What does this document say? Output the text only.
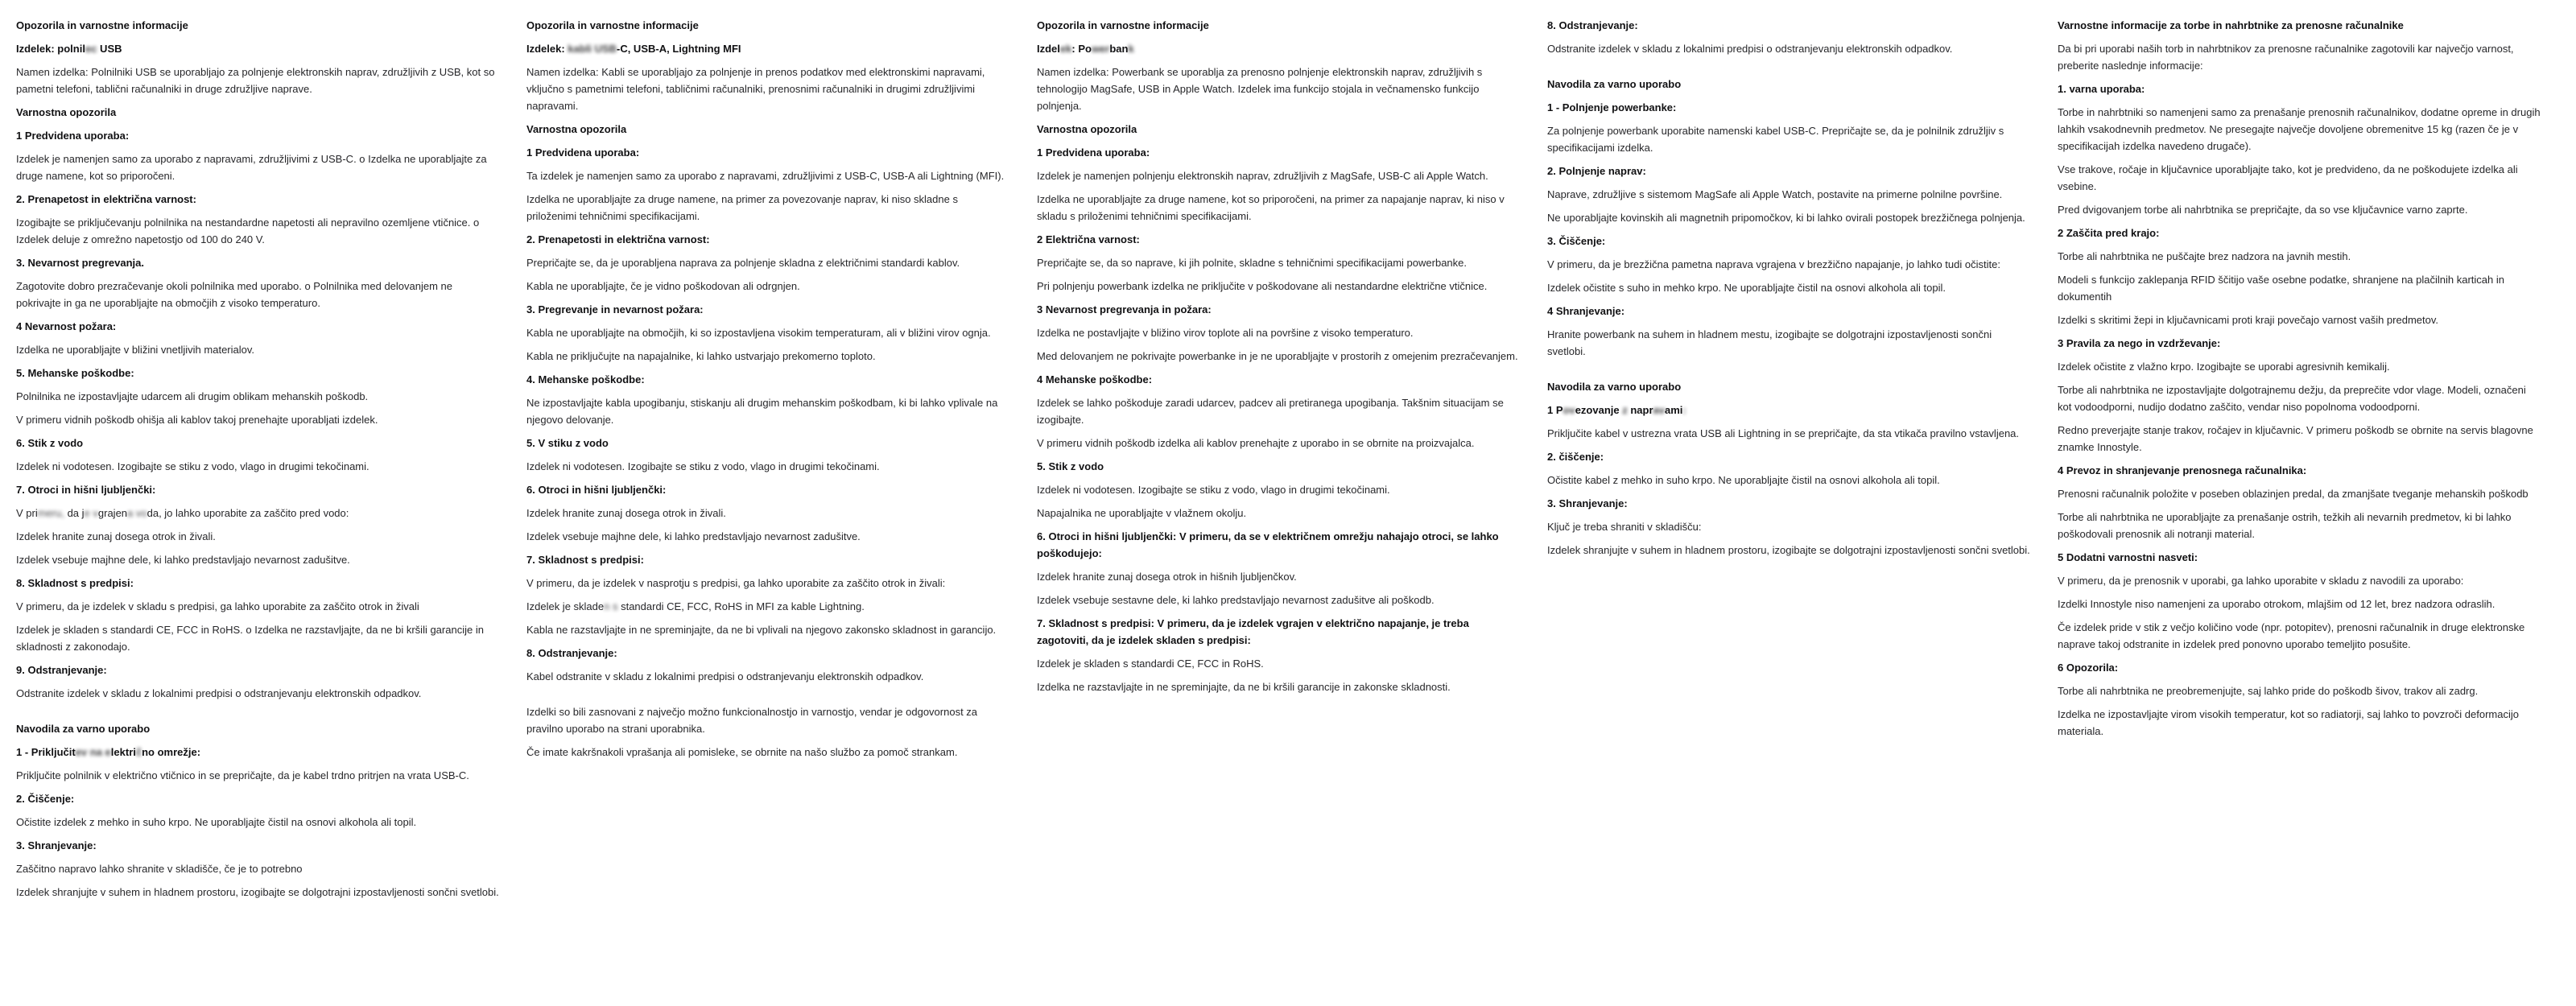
Opozorila in varnostne informacije
Izdelek: polnilec USB
Namen izdelka: Polnilniki USB se uporabljajo za polnjenje elektronskih naprav, združljivih z USB, kot so pametni telefoni, tablični računalniki in druge združljive naprave.
Varnostna opozorila
1 Predvidena uporaba:
Izdelek je namenjen samo za uporabo z napravami, združljivimi z USB-C. o Izdelka ne uporabljajte za druge namene, kot so priporočeni.
2. Prenapetost in električna varnost:
Izogibajte se priključevanju polnilnika na nestandardne napetosti ali nepravilno ozemljene vtičnice. o Izdelek deluje z omrežno napetostjo od 100 do 240 V.
3. Nevarnost pregrevanja.
Zagotovite dobro prezračevanje okoli polnilnika med uporabo. o Polnilnika med delovanjem ne pokrivajte in ga ne uporabljajte na območjih z visoko temperaturo.
4 Nevarnost požara:
Izdelka ne uporabljajte v bližini vnetljivih materialov.
5. Mehanske poškodbe:
Polnilnika ne izpostavljajte udarcem ali drugim oblikam mehanskih poškodb.
V primeru vidnih poškodb ohišja ali kablov takoj prenehajte uporabljati izdelek.
6. Stik z vodo
Izdelek ni vodotesen. Izogibajte se stiku z vodo, vlago in drugimi tekočinami.
7. Otroci in hišni ljubljenčki:
V primeru, da je vgrajena voda, jo lahko uporabite za zaščito pred vodo:
Izdelek hranite zunaj dosega otrok in živali.
Izdelek vsebuje majhne dele, ki lahko predstavljajo nevarnost zadušitve.
8. Skladnost s predpisi:
V primeru, da je izdelek v skladu s predpisi, ga lahko uporabite za zaščito otrok in živali
Izdelek je skladen s standardi CE, FCC in RoHS. o Izdelka ne razstavljajte, da ne bi kršili garancije in skladnosti z zakonodajo.
9. Odstranjevanje:
Odstranite izdelek v skladu z lokalnimi predpisi o odstranjevanju elektronskih odpadkov.
Navodila za varno uporabo
1 - Priključitev na električno omrežje:
Priključite polnilnik v električno vtičnico in se prepričajte, da je kabel trdno pritrjen na vrata USB-C.
2. Čiščenje:
Očistite izdelek z mehko in suho krpo. Ne uporabljajte čistil na osnovi alkohola ali topil.
3. Shranjevanje:
Zaščitno napravo lahko shranite v skladišče, če je to potrebno
Izdelek shranjujte v suhem in hladnem prostoru, izogibajte se dolgotrajni izpostavljenosti sončni svetlobi.
Opozorila in varnostne informacije
Izdelek: kabli USB-C, USB-A, Lightning MFI
Namen izdelka: Kabli se uporabljajo za polnjenje in prenos podatkov med elektronskimi napravami, vključno s pametnimi telefoni, tabličnimi računalniki, prenosnimi računalniki in drugimi združljivimi napravami.
Varnostna opozorila
1 Predvidena uporaba:
Ta izdelek je namenjen samo za uporabo z napravami, združljivimi z USB-C, USB-A ali Lightning (MFI).
Izdelka ne uporabljajte za druge namene, na primer za povezovanje naprav, ki niso skladne s priloženimi tehničnimi specifikacijami.
2. Prenapetosti in električna varnost:
Prepričajte se, da je uporabljena naprava za polnjenje skladna z električnimi standardi kablov.
Kabla ne uporabljajte, če je vidno poškodovan ali odrgnjen.
3. Pregrevanje in nevarnost požara:
Kabla ne uporabljajte na območjih, ki so izpostavljena visokim temperaturam, ali v bližini virov ognja.
Kabla ne priključujte na napajalnike, ki lahko ustvarjajo prekomerno toploto.
4. Mehanske poškodbe:
Ne izpostavljajte kabla upogibanju, stiskanju ali drugim mehanskim poškodbam, ki bi lahko vplivale na njegovo delovanje.
5. V stiku z vodo
Izdelek ni vodotesen. Izogibajte se stiku z vodo, vlago in drugimi tekočinami.
6. Otroci in hišni ljubljenčki:
Izdelek hranite zunaj dosega otrok in živali.
Izdelek vsebuje majhne dele, ki lahko predstavljajo nevarnost zadušitve.
7. Skladnost s predpisi:
V primeru, da je izdelek v nasprotju s predpisi, ga lahko uporabite za zaščito otrok in živali:
Izdelek je skladen s standardi CE, FCC, RoHS in MFI za kable Lightning.
Kabla ne razstavljajte in ne spreminjajte, da ne bi vplivali na njegovo zakonsko skladnost in garancijo.
8. Odstranjevanje:
Kabel odstranite v skladu z lokalnimi predpisi o odstranjevanju elektronskih odpadkov.
Izdelki so bili zasnovani z največjo možno funkcionalnostjo in varnostjo, vendar je odgovornost za pravilno uporabo na strani uporabnika.
Če imate kakršnakoli vprašanja ali pomisleke, se obrnite na našo službo za pomoč strankam.
Opozorila in varnostne informacije
Izdelek: Powerbank
Namen izdelka: Powerbank se uporablja za prenosno polnjenje elektronskih naprav, združljivih s tehnologijo MagSafe, USB in Apple Watch. Izdelek ima funkcijo stojala in večnamensko funkcijo polnjenja.
Varnostna opozorila
1 Predvidena uporaba:
Izdelek je namenjen polnjenju elektronskih naprav, združljivih z MagSafe, USB-C ali Apple Watch.
Izdelka ne uporabljajte za druge namene, kot so priporočeni, na primer za napajanje naprav, ki niso v skladu s priloženimi tehničnimi specifikacijami.
2 Električna varnost:
Prepričajte se, da so naprave, ki jih polnite, skladne s tehničnimi specifikacijami powerbanke.
Pri polnjenju powerbank izdelka ne priključite v poškodovane ali nestandardne električne vtičnice.
3 Nevarnost pregrevanja in požara:
Izdelka ne postavljajte v bližino virov toplote ali na površine z visoko temperaturo.
Med delovanjem ne pokrivajte powerbanke in je ne uporabljajte v prostorih z omejenim prezračevanjem.
4 Mehanske poškodbe:
Izdelek se lahko poškoduje zaradi udarcev, padcev ali pretiranega upogibanja. Takšnim situacijam se izogibajte.
V primeru vidnih poškodb izdelka ali kablov prenehajte z uporabo in se obrnite na proizvajalca.
5. Stik z vodo
Izdelek ni vodotesen. Izogibajte se stiku z vodo, vlago in drugimi tekočinami.
Napajalnika ne uporabljajte v vlažnem okolju.
6. Otroci in hišni ljubljenčki: V primeru, da se v električnem omrežju nahajajo otroci, se lahko poškodujejo:
Izdelek hranite zunaj dosega otrok in hišnih ljubljenčkov.
Izdelek vsebuje sestavne dele, ki lahko predstavljajo nevarnost zadušitve ali poškodb.
7. Skladnost s predpisi: V primeru, da je izdelek vgrajen v električno napajanje, je treba zagotoviti, da je izdelek skladen s predpisi:
Izdelek je skladen s standardi CE, FCC in RoHS.
Izdelka ne razstavljajte in ne spreminjajte, da ne bi kršili garancije in zakonske skladnosti.
8. Odstranjevanje:
Odstranite izdelek v skladu z lokalnimi predpisi o odstranjevanju elektronskih odpadkov.
Navodila za varno uporabo
1 - Polnjenje powerbanke:
Za polnjenje powerbank uporabite namenski kabel USB-C. Prepričajte se, da je polnilnik združljiv s specifikacijami izdelka.
2. Polnjenje naprav:
Naprave, združljive s sistemom MagSafe ali Apple Watch, postavite na primerne polnilne površine.
Ne uporabljajte kovinskih ali magnetnih pripomočkov, ki bi lahko ovirali postopek brezžičnega polnjenja.
3. Čiščenje:
V primeru, da je brezžična pametna naprava vgrajena v brezžično napajanje, jo lahko tudi očistite:
Izdelek očistite s suho in mehko krpo. Ne uporabljajte čistil na osnovi alkohola ali topil.
4 Shranjevanje:
Hranite powerbank na suhem in hladnem mestu, izogibajte se dolgotrajni izpostavljenosti sončni svetlobi.
Navodila za varno uporabo
1 Povezovanje z napravami:
Priključite kabel v ustrezna vrata USB ali Lightning in se prepričajte, da sta vtikača pravilno vstavljena.
2. čiščenje:
Očistite kabel z mehko in suho krpo. Ne uporabljajte čistil na osnovi alkohola ali topil.
3. Shranjevanje:
Ključ je treba shraniti v skladišču:
Izdelek shranjujte v suhem in hladnem prostoru, izogibajte se dolgotrajni izpostavljenosti sončni svetlobi.
Varnostne informacije za torbe in nahrbtnike za prenosne računalnike
Da bi pri uporabi naših torb in nahrbtnikov za prenosne računalnike zagotovili kar največjo varnost, preberite naslednje informacije:
1. varna uporaba:
Torbe in nahrbtniki so namenjeni samo za prenašanje prenosnih računalnikov, dodatne opreme in drugih lahkih vsakodnevnih predmetov. Ne presegajte največje dovoljene obremenitve 15 kg (razen če je v specifikacijah izdelka navedeno drugače).
Vse trakove, ročaje in ključavnice uporabljajte tako, kot je predvideno, da ne poškodujete izdelka ali vsebine.
Pred dvigovanjem torbe ali nahrbtnika se prepričajte, da so vse ključavnice varno zaprte.
2 Zaščita pred krajo:
Torbe ali nahrbtnika ne puščajte brez nadzora na javnih mestih.
Modeli s funkcijo zaklepanja RFID ščitijo vaše osebne podatke, shranjene na plačilnih karticah in dokumentih
Izdelki s skritimi žepi in ključavnicami proti kraji povečajo varnost vaših predmetov.
3 Pravila za nego in vzdrževanje:
Izdelek očistite z vlažno krpo. Izogibajte se uporabi agresivnih kemikalij.
Torbe ali nahrbtnika ne izpostavljajte dolgotrajnemu dežju, da preprečite vdor vlage. Modeli, označeni kot vodoodporni, nudijo dodatno zaščito, vendar niso popolnoma vodoodporni.
Redno preverjajte stanje trakov, ročajev in ključavnic. V primeru poškodb se obrnite na servis blagovne znamke Innostyle.
4 Prevoz in shranjevanje prenosnega računalnika:
Prenosni računalnik položite v poseben oblazinjen predal, da zmanjšate tveganje mehanskih poškodb
Torbe ali nahrbtnika ne uporabljajte za prenašanje ostrih, težkih ali nevarnih predmetov, ki bi lahko poškodovali prenosnik ali notranji material.
5 Dodatni varnostni nasveti:
V primeru, da je prenosnik v uporabi, ga lahko uporabite v skladu z navodili za uporabo:
Izdelki Innostyle niso namenjeni za uporabo otrokom, mlajšim od 12 let, brez nadzora odraslih.
Če izdelek pride v stik z večjo količino vode (npr. potopitev), prenosni računalnik in druge elektronske naprave takoj odstranite in izdelek pred ponovno uporabo temeljito posušite.
6 Opozorila:
Torbe ali nahrbtnika ne preobremenjujte, saj lahko pride do poškodb šivov, trakov ali zadrg.
Izdelka ne izpostavljajte virom visokih temperatur, kot so radiatorji, saj lahko to povzroči deformacijo materiala.
